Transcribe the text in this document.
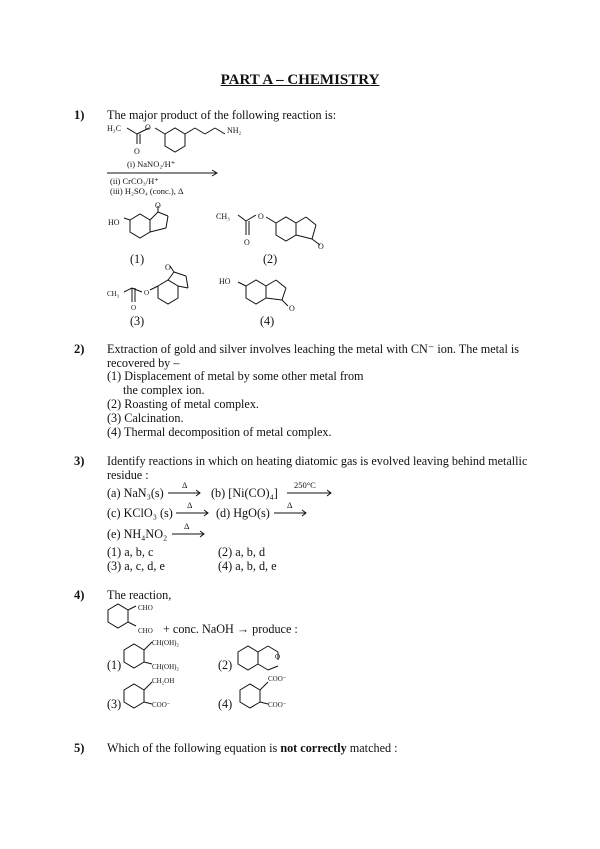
PART A – CHEMISTRY
1) The major product of the following reaction is:
H₃C	O
O
NH₂
(i) NaNO₂/H⁺
(ii) CrCO₃/H⁺
(iii) H₂SO₄ (conc.), Δ
O
HO
(1)
CH₃	O
O	O
(2)
CH₃	O
O
O
(3)
HO
O
(4)
2) Extraction of gold and silver involves leaching the metal with CN⁻ ion. The metal is
recovered by –
(1) Displacement of metal by some other metal from
the complex ion.
(2) Roasting of metal complex.
(3) Calcination.
(4) Thermal decomposition of metal complex.
3) Identify reactions in which on heating diatomic gas is evolved leaving behind metallic
residue :
(a) NaN₃(s)
Δ
(b) [Ni(CO)₄]
250°C
(c) KClO₃ (s)
Δ
(d) HgO(s)
Δ
(e) NH₄NO₂
Δ
(1) a, b, c	(2) a, b, d
(3) a, c, d, e	(4) a, b, d, e
4) The reaction,
CHO
CHO + conc. NaOH → produce :
CH(OH)₂
CH(OH)₂
(1)
O
(2)
CH₂OH
COO⁻
(3)
COO⁻
COO⁻
(4)
5) Which of the following equation is not correctly matched :
